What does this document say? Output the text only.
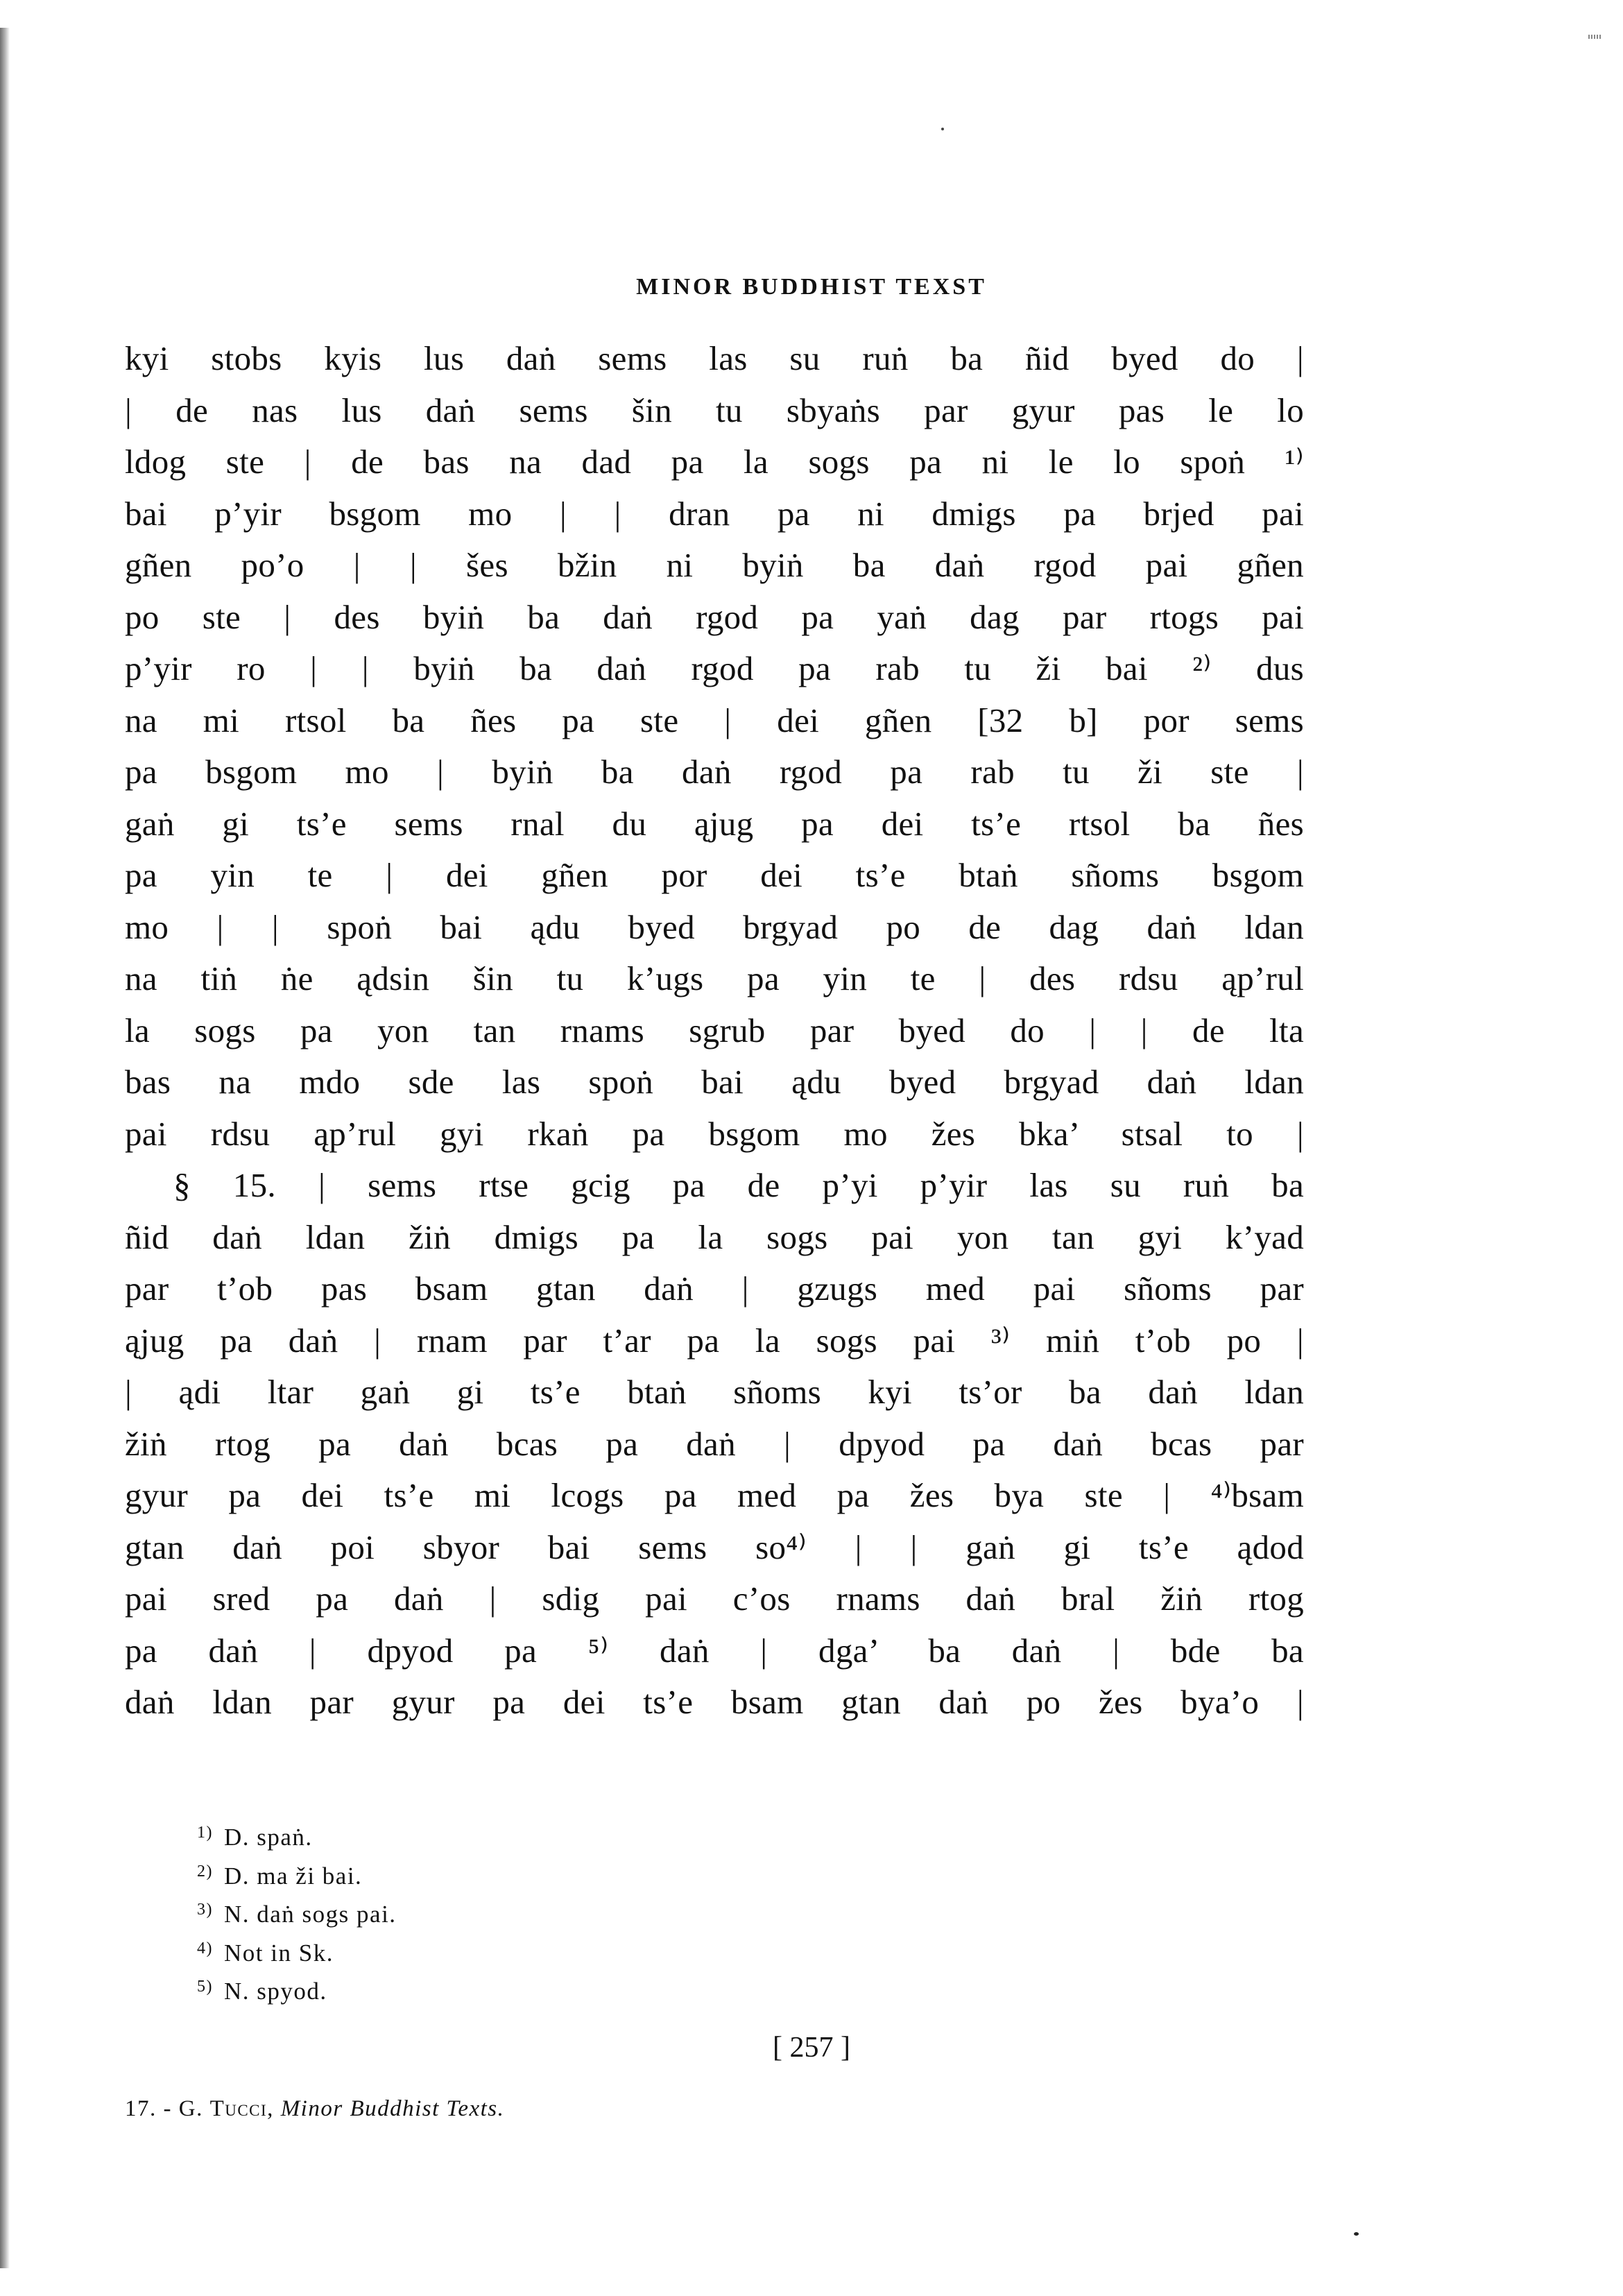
MINOR BUDDHIST TEXST
kyi stobs kyis lus daṅ sems las su ruṅ ba ñid byed do |
| de nas lus daṅ sems šin tu sbyaṅs par gyur pas le lo
ldog ste | de bas na dad pa la sogs pa ni le lo spoṅ ¹⁾
bai p’yir bsgom mo | | dran pa ni dmigs pa brjed pai
gñen po’o | | šes bžin ni byiṅ ba daṅ rgod pai gñen
po ste | des byiṅ ba daṅ rgod pa yaṅ dag par rtogs pai
p’yir ro | | byiṅ ba daṅ rgod pa rab tu ži bai ²⁾ dus
na mi rtsol ba ñes pa ste | dei gñen [32 b] por sems
pa bsgom mo | byiṅ ba daṅ rgod pa rab tu ži ste |
gaṅ gi ts’e sems rnal du ąjug pa dei ts’e rtsol ba ñes
pa yin te | dei gñen por dei ts’e btaṅ sñoms bsgom
mo | | spoṅ bai ądu byed brgyad po de dag daṅ ldan
na tiṅ ṅe ądsin šin tu k’ugs pa yin te | des rdsu ąp’rul
la sogs pa yon tan rnams sgrub par byed do | | de lta
bas na mdo sde las spoṅ bai ądu byed brgyad daṅ ldan
pai rdsu ąp’rul gyi rkaṅ pa bsgom mo žes bka’ stsal to |
§ 15. | sems rtse gcig pa de p’yi p’yir las su ruṅ ba
ñid daṅ ldan žiṅ dmigs pa la sogs pai yon tan gyi k’yad
par t’ob pas bsam gtan daṅ | gzugs med pai sñoms par
ąjug pa daṅ | rnam par t’ar pa la sogs pai ³⁾ miṅ t’ob po |
| ądi ltar gaṅ gi ts’e btaṅ sñoms kyi ts’or ba daṅ ldan
žiṅ rtog pa daṅ bcas pa daṅ | dpyod pa daṅ bcas par
gyur pa dei ts’e mi lcogs pa med pa žes bya ste | ⁴⁾bsam
gtan daṅ poi sbyor bai sems so⁴⁾ | | gaṅ gi ts’e ądod
pai sred pa daṅ | sdig pai c’os rnams daṅ bral žiṅ rtog
pa daṅ | dpyod pa ⁵⁾ daṅ | dga’ ba daṅ | bde ba
daṅ ldan par gyur pa dei ts’e bsam gtan daṅ po žes bya’o |
$^{1)}$ D. spaṅ.
$^{2)}$ D. ma ži bai.
$^{3)}$ N. daṅ sogs pai.
$^{4)}$ Not in Sk.
$^{5)}$ N. spyod.
[ 257 ]
17. - G. Tucci, Minor Buddhist Texts.
